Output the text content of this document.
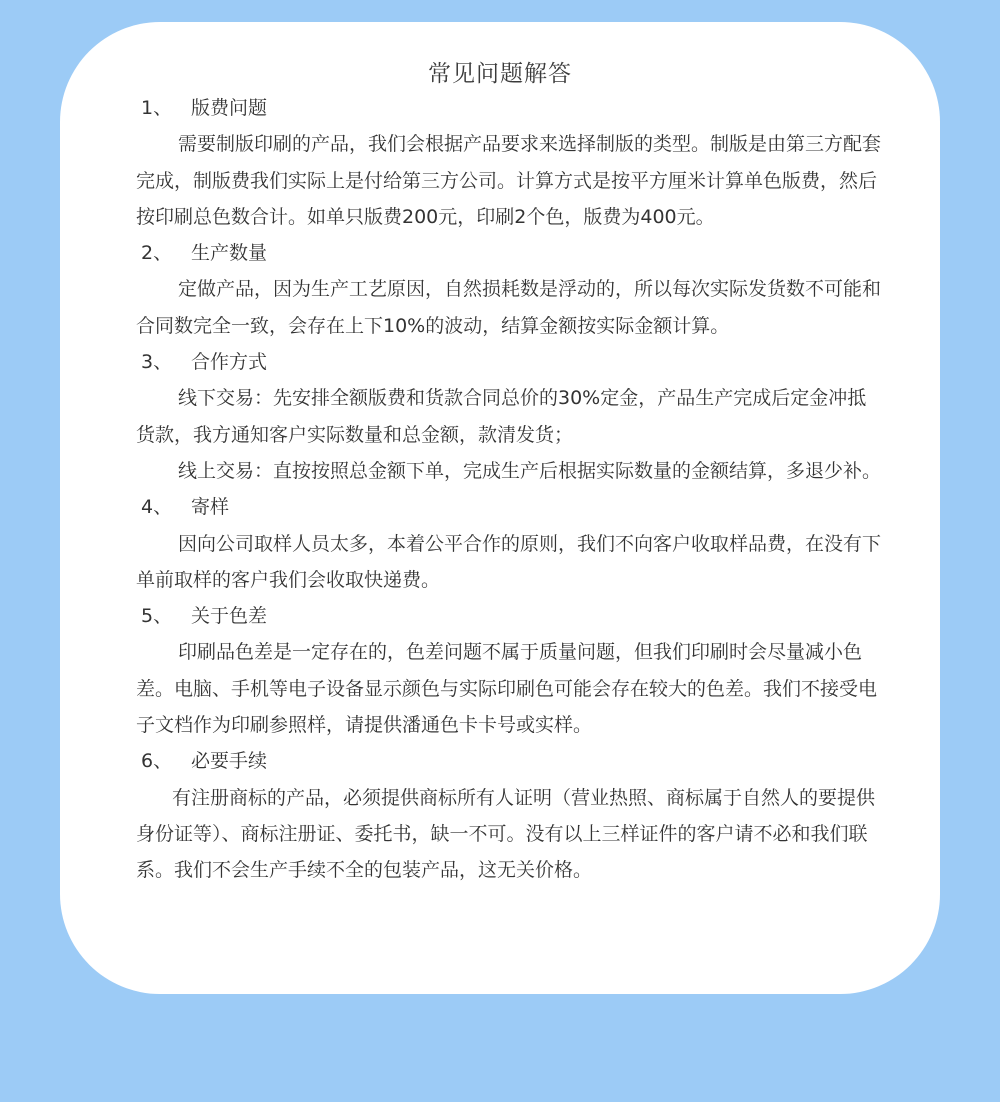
常见问题解答
1、 版费问题

需要制版印刷的产品，我们会根据产品要求来选择制版的类型。制版是由第三方配套完成，制版费我们实际上是付给第三方公司。计算方式是按平方厘米计算单色版费，然后按印刷总色数合计。如单只版费200元，印刷2个色，版费为400元。

2、 生产数量

定做产品，因为生产工艺原因，自然损耗数是浮动的，所以每次实际发货数不可能和合同数完全一致，会存在上下10%的波动，结算金额按实际金额计算。

3、 合作方式

线下交易：先安排全额版费和货款合同总价的30%定金，产品生产完成后定金冲抵货款，我方通知客户实际数量和总金额，款清发货；

线上交易：直按按照总金额下单，完成生产后根据实际数量的金额结算，多退少补。

4、 寄样

因向公司取样人员太多，本着公平合作的原则，我们不向客户收取样品费，在没有下单前取样的客户我们会收取快递费。

5、 关于色差

印刷品色差是一定存在的，色差问题不属于质量问题，但我们印刷时会尽量减小色差。电脑、手机等电子设备显示颜色与实际印刷色可能会存在较大的色差。我们不接受电子文档作为印刷参照样，请提供潘通色卡卡号或实样。

6、 必要手续

有注册商标的产品，必须提供商标所有人证明（营业热照、商标属于自然人的要提供身份证等）、商标注册证、委托书，缺一不可。没有以上三样证件的客户请不必和我们联系。我们不会生产手续不全的包装产品，这无关价格。
